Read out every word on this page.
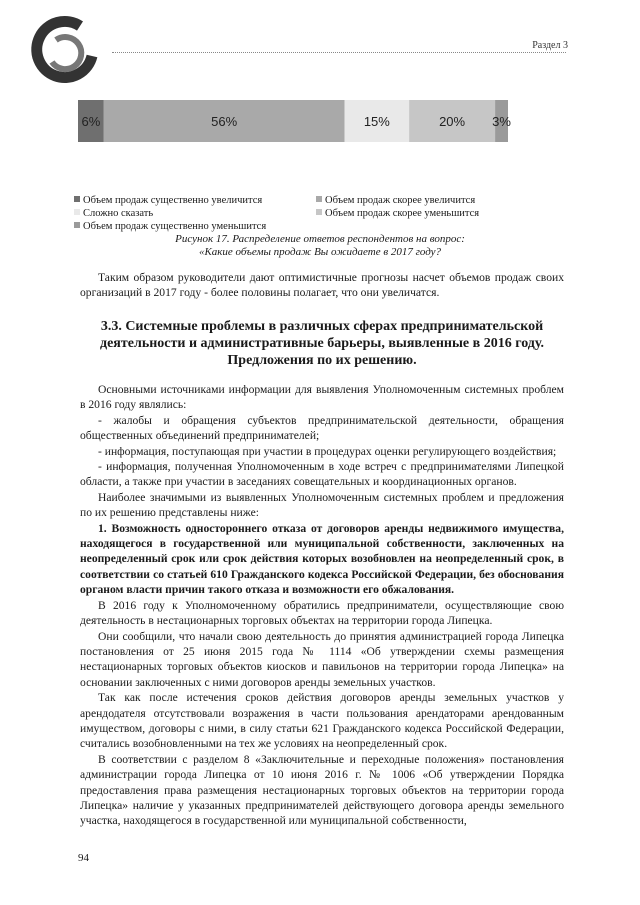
Раздел 3
6%	56%	15%	20% 3%
Объем продаж существенно увеличится	Объем продаж скорее увеличится
Сложно сказать	Объем продаж скорее уменьшится
Объем продаж существенно уменьшится
Рисунок 17. Распределение ответов респондентов на вопрос:
«Какие объемы продаж Вы ожидаете в 2017 году?

Таким образом руководители дают оптимистичные прогнозы насчет объемов продаж своих организаций в 2017 году - более половины полагает, что они увеличатся.

3.3. Системные проблемы в различных сферах предпринимательской
деятельности и административные барьеры, выявленные в 2016 году.
Предложения по их решению.

Основными источниками информации для выявления Уполномоченным системных проблем в 2016 году являлись:

- жалобы и обращения субъектов предпринимательской деятельности, обращения общественных объединений предпринимателей;

- информация, поступающая при участии в процедурах оценки регулирующего воздействия;

- информация, полученная Уполномоченным в ходе встреч с предпринимателями Липецкой области, а также при участии в заседаниях совещательных и координационных органов.

Наиболее значимыми из выявленных Уполномоченным системных проблем и предложения по их решению представлены ниже:

1. Возможность одностороннего отказа от договоров аренды недвижимого имущества, находящегося в государственной или муниципальной собственности, заключенных на неопределенный срок или срок действия которых возобновлен на неопределенный срок, в соответствии со статьей 610 Гражданского кодекса Российской Федерации, без обоснования органом власти причин такого отказа и возможности его обжалования.

В 2016 году к Уполномоченному обратились предприниматели, осуществляющие свою деятельность в нестационарных торговых объектах на территории города Липецка.

Они сообщили, что начали свою деятельность до принятия администрацией города Липецка постановления от 25 июня 2015 года № 1114 «Об утверждении схемы размещения нестационарных торговых объектов киосков и павильонов на территории города Липецка» на основании заключенных с ними договоров аренды земельных участков.

Так как после истечения сроков действия договоров аренды земельных участков у арендодателя отсутствовали возражения в части пользования арендаторами арендованным имуществом, договоры с ними, в силу статьи 621 Гражданского кодекса Российской Федерации, считались возобновленными на тех же условиях на неопределенный срок.

В соответствии с разделом 8 «Заключительные и переходные положения» постановления администрации города Липецка от 10 июня 2016 г. № 1006 «Об утверждении Порядка предоставления права размещения нестационарных торговых объектов на территории города Липецка» наличие у указанных предпринимателей действующего договора аренды земельного участка, находящегося в государственной или муниципальной собственности,

94
